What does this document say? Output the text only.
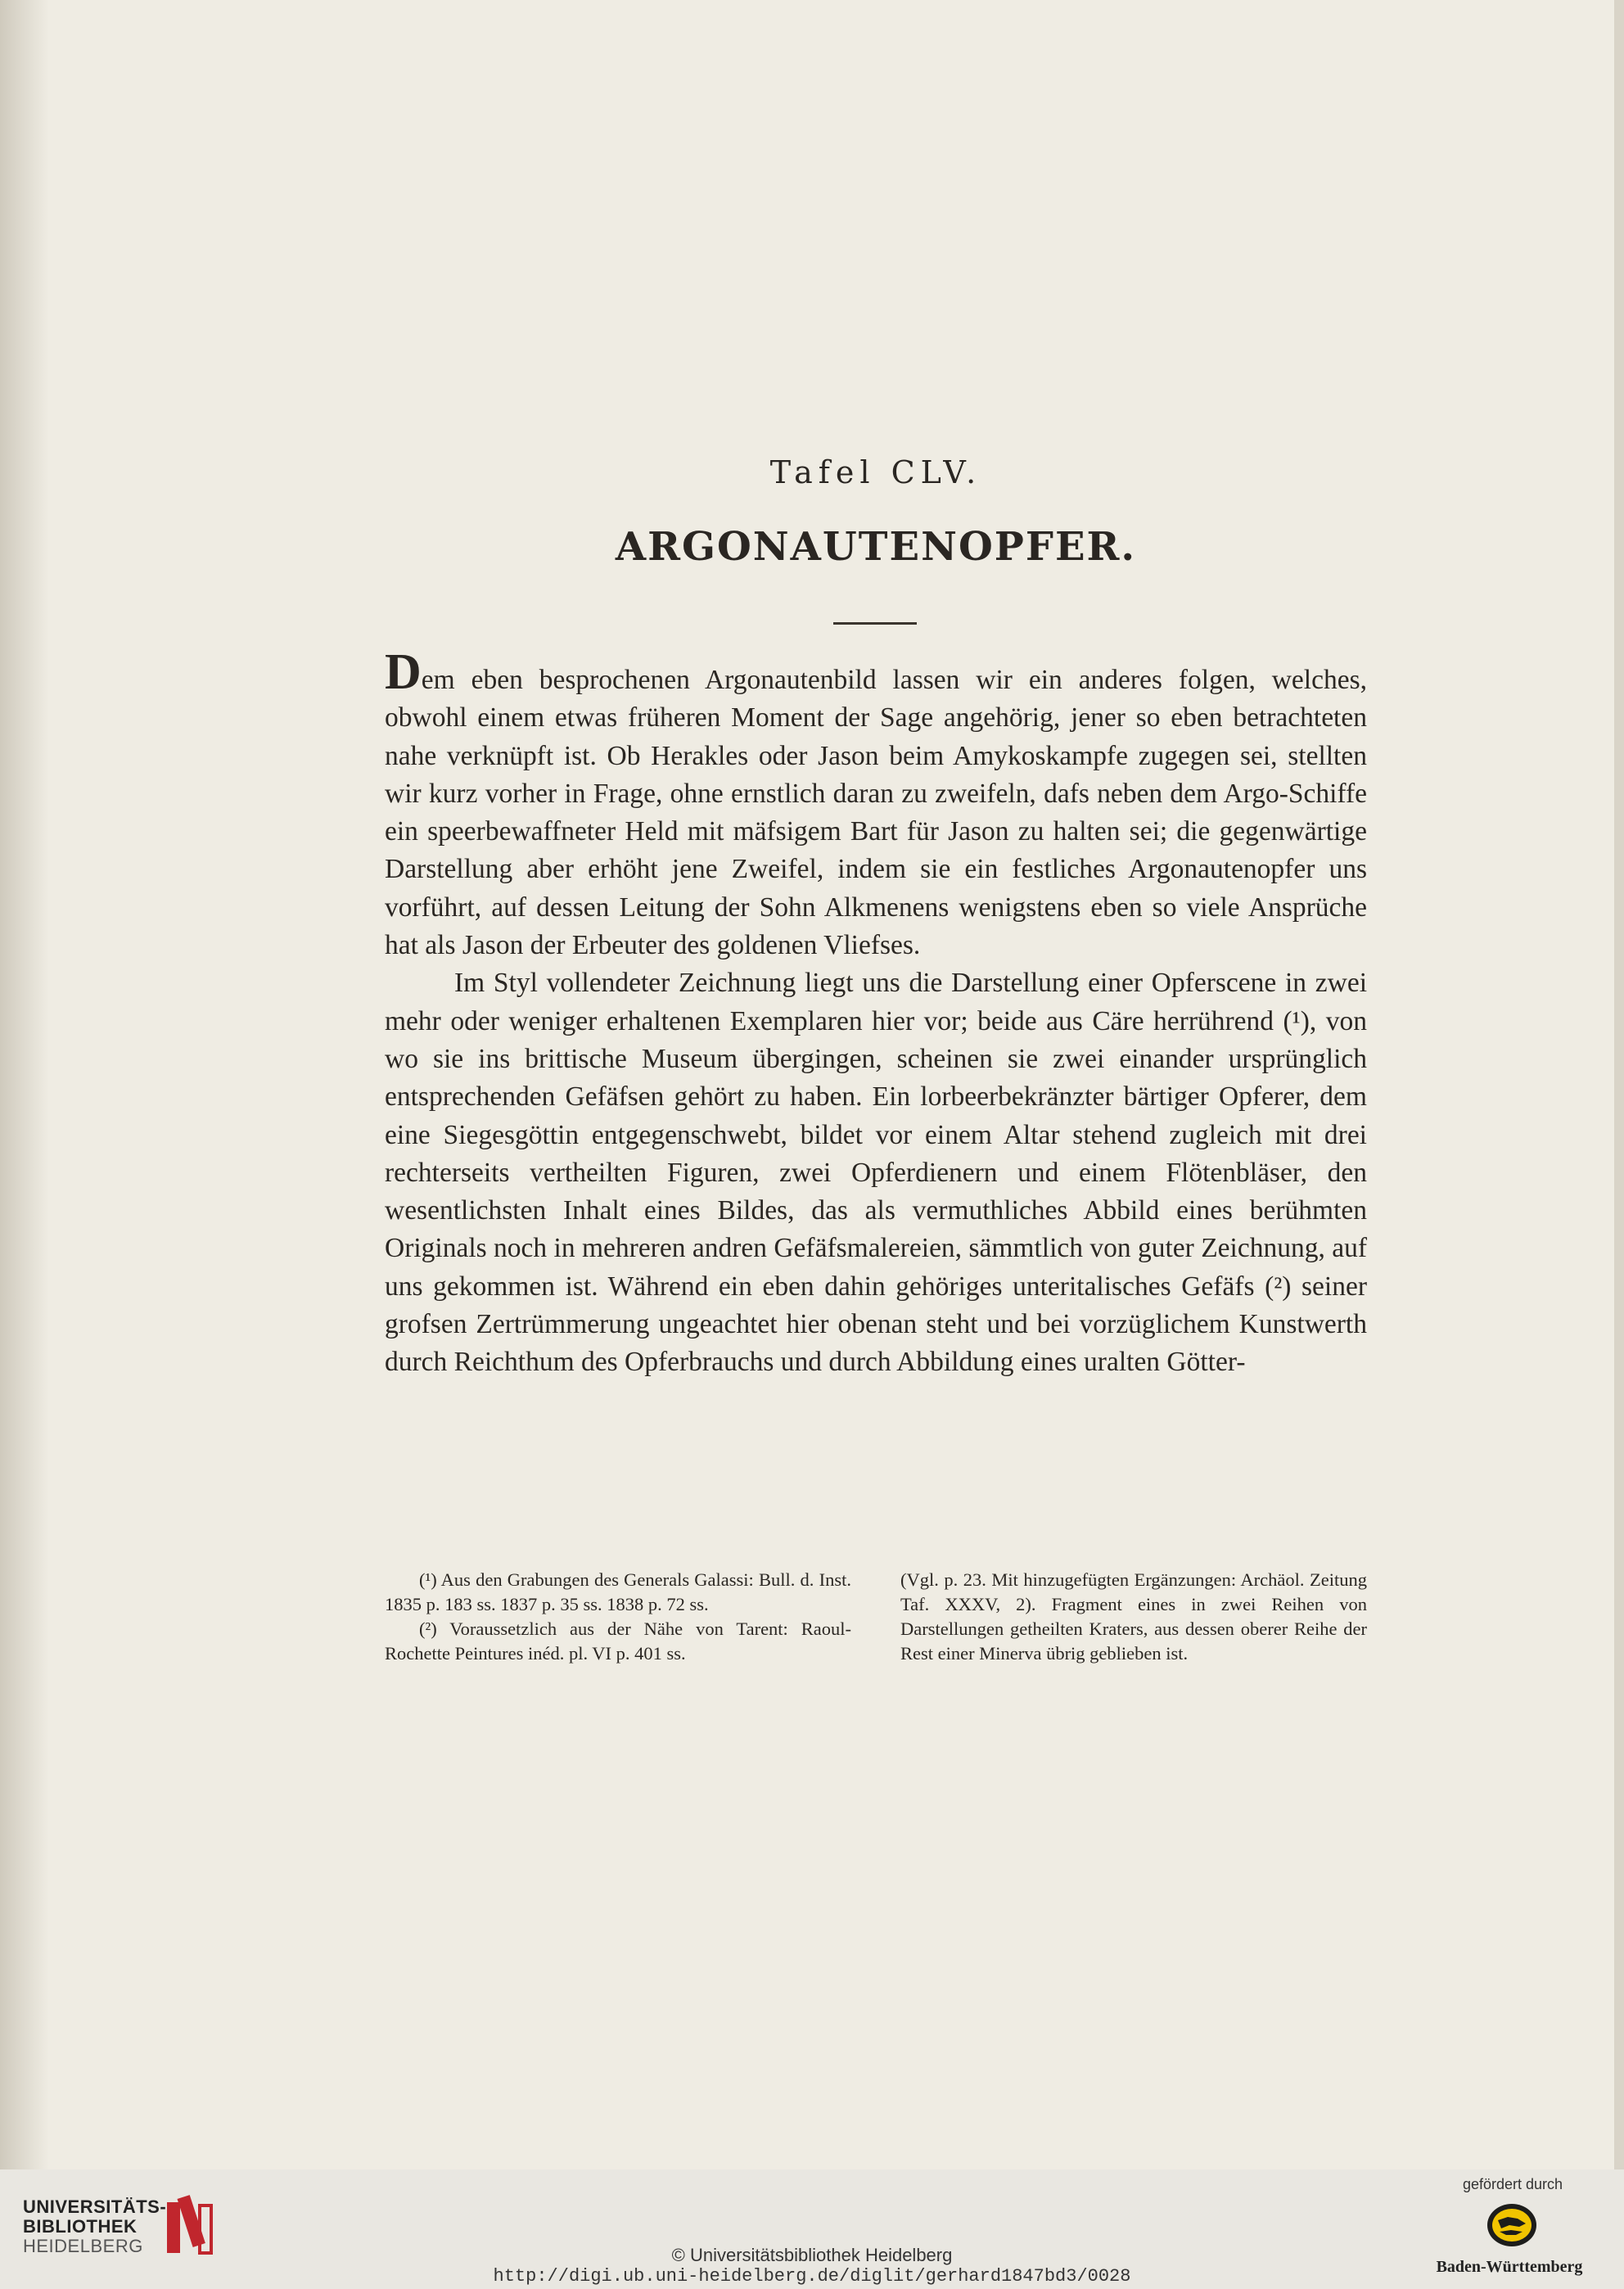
Tafel CLV.
ARGONAUTENOPFER.

Dem eben besprochenen Argonautenbild lassen wir ein anderes folgen, welches, obwohl einem etwas früheren Moment der Sage angehörig, jener so eben betrachteten nahe verknüpft ist. Ob Herakles oder Jason beim Amykoskampfe zugegen sei, stellten wir kurz vorher in Frage, ohne ernstlich daran zu zweifeln, dafs neben dem Argo-Schiffe ein speerbewaffneter Held mit mäfsigem Bart für Jason zu halten sei; die gegenwärtige Darstellung aber erhöht jene Zweifel, indem sie ein festliches Argonautenopfer uns vorführt, auf dessen Leitung der Sohn Alkmenens wenigstens eben so viele Ansprüche hat als Jason der Erbeuter des goldenen Vliefses.

Im Styl vollendeter Zeichnung liegt uns die Darstellung einer Opferscene in zwei mehr oder weniger erhaltenen Exemplaren hier vor; beide aus Cäre herrührend (¹), von wo sie ins brittische Museum übergingen, scheinen sie zwei einander ursprünglich entsprechenden Gefäfsen gehört zu haben. Ein lorbeerbekränzter bärtiger Opferer, dem eine Siegesgöttin entgegenschwebt, bildet vor einem Altar stehend zugleich mit drei rechterseits vertheilten Figuren, zwei Opferdienern und einem Flötenbläser, den wesentlichsten Inhalt eines Bildes, das als vermuthliches Abbild eines berühmten Originals noch in mehreren andren Gefäfsmalereien, sämmtlich von guter Zeichnung, auf uns gekommen ist. Während ein eben dahin gehöriges unteritalisches Gefäfs (²) seiner grofsen Zertrümmerung ungeachtet hier obenan steht und bei vorzüglichem Kunstwerth durch Reichthum des Opferbrauchs und durch Abbildung eines uralten Götter-

(¹) Aus den Grabungen des Generals Galassi: Bull. d. Inst. 1835 p. 183 ss. 1837 p. 35 ss. 1838 p. 72 ss.

(²) Voraussetzlich aus der Nähe von Tarent: Raoul-Rochette Peintures inéd. pl. VI p. 401 ss.

(Vgl. p. 23. Mit hinzugefügten Ergänzungen: Archäol. Zeitung Taf. XXXV, 2). Fragment eines in zwei Reihen von Darstellungen getheilten Kraters, aus dessen oberer Reihe der Rest einer Minerva übrig geblieben ist.

UNIVERSITÄTS-
BIBLIOTHEK
HEIDELBERG	© Universitätsbibliothek Heidelberg
http://digi.ub.uni-heidelberg.de/diglit/gerhard1847bd3/0028
gefördert durch
Baden-Württemberg
